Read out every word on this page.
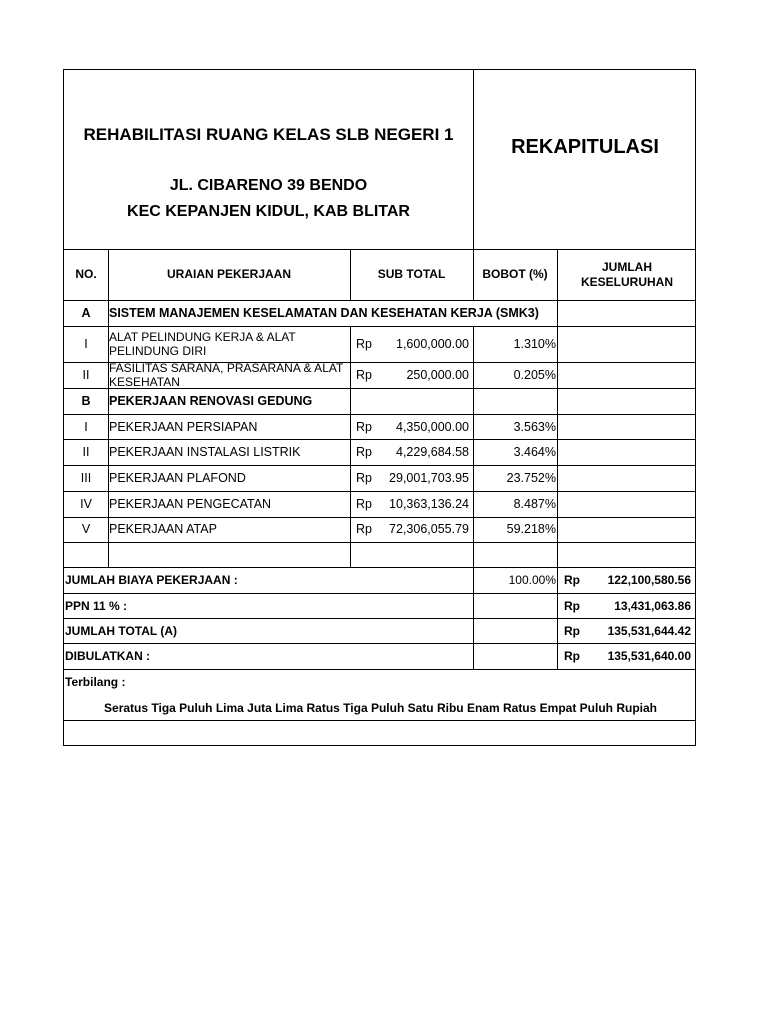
REHABILITASI RUANG KELAS SLB NEGERI 1
JL. CIBARENO 39 BENDO
KEC KEPANJEN KIDUL, KAB BLITAR
REKAPITULASI
NO.	URAIAN PEKERJAAN	SUB TOTAL	BOBOT (%)	JUMLAH
KESELURUHAN
A	SISTEM MANAJEMEN KESELAMATAN DAN KESEHATAN KERJA (SMK3)
I	ALAT PELINDUNG KERJA & ALAT
PELINDUNG DIRI	Rp	1,600,000.00	1.310%
II	FASILITAS SARANA, PRASARANA & ALAT
KESEHATAN	Rp	250,000.00	0.205%
B	PEKERJAAN RENOVASI GEDUNG
I	PEKERJAAN PERSIAPAN	Rp	4,350,000.00	3.563%
II	PEKERJAAN INSTALASI LISTRIK	Rp	4,229,684.58	3.464%
III	PEKERJAAN PLAFOND	Rp	29,001,703.95	23.752%
IV	PEKERJAAN PENGECATAN	Rp	10,363,136.24	8.487%
V	PEKERJAAN ATAP	Rp	72,306,055.79	59.218%
JUMLAH BIAYA PEKERJAAN :	100.00% Rp	122,100,580.56
PPN 11 % :	Rp	13,431,063.86
JUMLAH TOTAL (A)	Rp	135,531,644.42
DIBULATKAN :	Rp	135,531,640.00
Terbilang :
Seratus Tiga Puluh Lima Juta Lima Ratus Tiga Puluh Satu Ribu Enam Ratus Empat Puluh Rupiah
